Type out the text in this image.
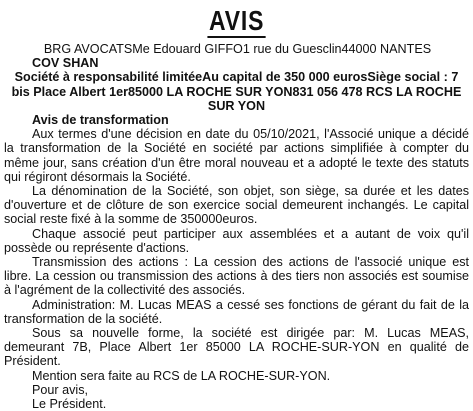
AVIS
BRG AVOCATSMe Edouard GIFFO1 rue du Guesclin44000 NANTES
COV SHAN
Société à responsabilité limitéeAu capital de 350 000 eurosSiège social : 7 bis Place Albert 1er85000 LA ROCHE SUR YON831 056 478 RCS LA ROCHE SUR YON
Avis de transformation
Aux termes d'une décision en date du 05/10/2021, l'Associé unique a décidé la transformation de la Société en société par actions simplifiée à compter du même jour, sans création d'un être moral nouveau et a adopté le texte des statuts qui régiront désormais la Société.
La dénomination de la Société, son objet, son siège, sa durée et les dates d'ouverture et de clôture de son exercice social demeurent inchangés. Le capital social reste fixé à la somme de 350000euros.
Chaque associé peut participer aux assemblées et a autant de voix qu'il possède ou représente d'actions.
Transmission des actions : La cession des actions de l'associé unique est libre. La cession ou transmission des actions à des tiers non associés est soumise à l'agrément de la collectivité des associés.
Administration: M. Lucas MEAS a cessé ses fonctions de gérant du fait de la transformation de la société.
Sous sa nouvelle forme, la société est dirigée par: M. Lucas MEAS, demeurant 7B, Place Albert 1er 85000 LA ROCHE-SUR-YON en qualité de Président.
Mention sera faite au RCS de LA ROCHE-SUR-YON.
Pour avis,
Le Président.
